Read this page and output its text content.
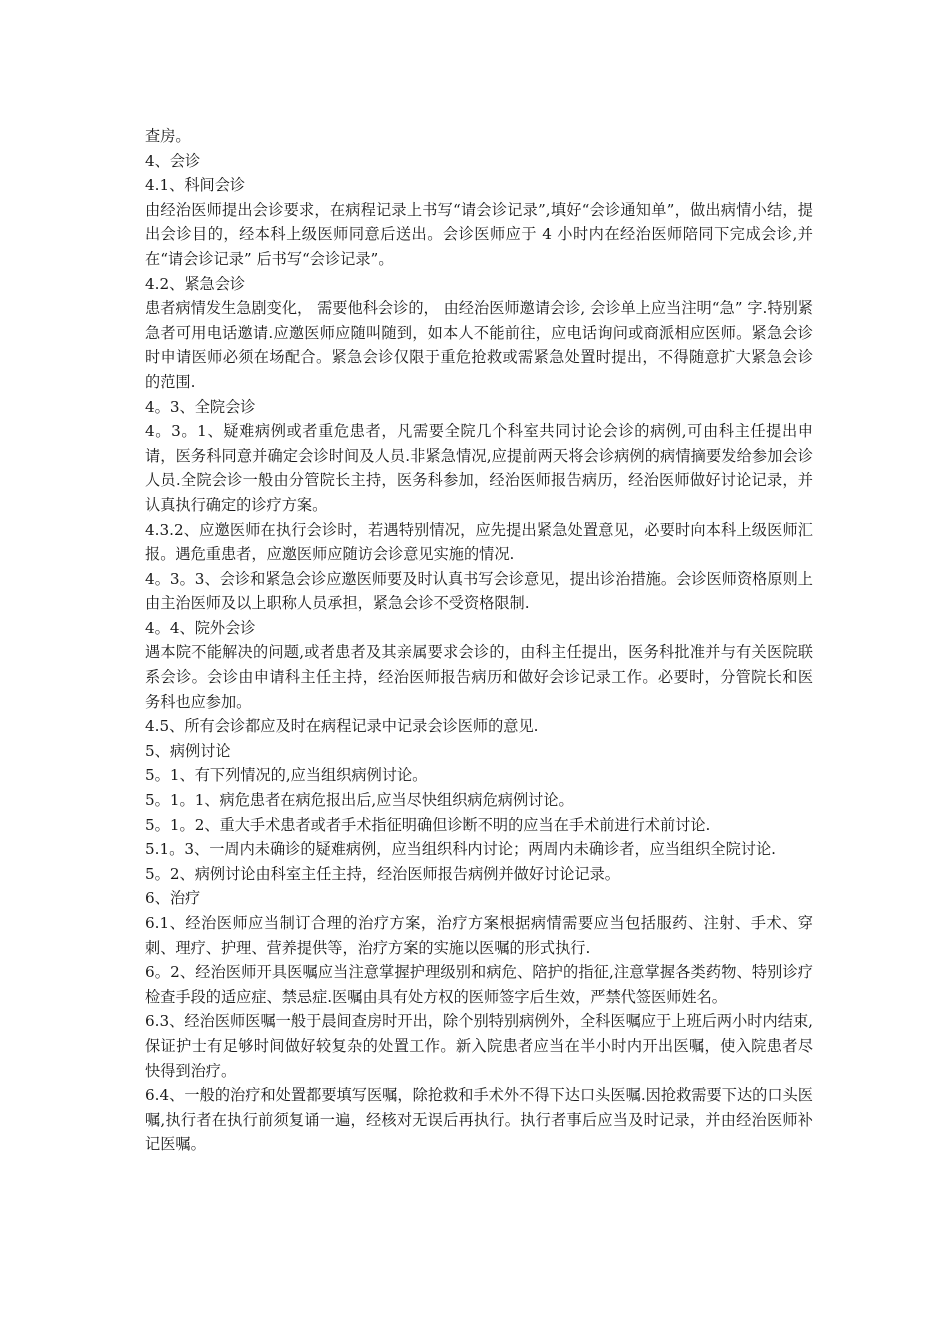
查房。

4、会诊

4.1、科间会诊

由经治医师提出会诊要求，在病程记录上书写“请会诊记录”,填好“会诊通知单”，做出病情小结，提出会诊目的，经本科上级医师同意后送出。会诊医师应于 4 小时内在经治医师陪同下完成会诊,并在“请会诊记录” 后书写“会诊记录”。

4.2、紧急会诊

患者病情发生急剧变化， 需要他科会诊的， 由经治医师邀请会诊, 会诊单上应当注明“急” 字.特别紧急者可用电话邀请.应邀医师应随叫随到，如本人不能前往，应电话询问或商派相应医师。紧急会诊时申请医师必须在场配合。紧急会诊仅限于重危抢救或需紧急处置时提出，不得随意扩大紧急会诊的范围.

4。3、全院会诊

4。3。1、疑难病例或者重危患者，凡需要全院几个科室共同讨论会诊的病例,可由科主任提出申请，医务科同意并确定会诊时间及人员.非紧急情况,应提前两天将会诊病例的病情摘要发给参加会诊人员.全院会诊一般由分管院长主持，医务科参加，经治医师报告病历，经治医师做好讨论记录，并认真执行确定的诊疗方案。

4.3.2、应邀医师在执行会诊时，若遇特别情况，应先提出紧急处置意见，必要时向本科上级医师汇报。遇危重患者，应邀医师应随访会诊意见实施的情况.

4。3。3、会诊和紧急会诊应邀医师要及时认真书写会诊意见，提出诊治措施。会诊医师资格原则上由主治医师及以上职称人员承担，紧急会诊不受资格限制.

4。4、院外会诊

遇本院不能解决的问题,或者患者及其亲属要求会诊的，由科主任提出，医务科批准并与有关医院联系会诊。会诊由申请科主任主持，经治医师报告病历和做好会诊记录工作。必要时，分管院长和医务科也应参加。

4.5、所有会诊都应及时在病程记录中记录会诊医师的意见.

5、病例讨论

5。1、有下列情况的,应当组织病例讨论。

5。1。1、病危患者在病危报出后,应当尽快组织病危病例讨论。

5。1。2、重大手术患者或者手术指征明确但诊断不明的应当在手术前进行术前讨论.

5.1。3、一周内未确诊的疑难病例，应当组织科内讨论；两周内未确诊者，应当组织全院讨论.

5。2、病例讨论由科室主任主持，经治医师报告病例并做好讨论记录。

6、治疗

6.1、经治医师应当制订合理的治疗方案，治疗方案根据病情需要应当包括服药、注射、手术、穿刺、理疗、护理、营养提供等，治疗方案的实施以医嘱的形式执行.

6。2、经治医师开具医嘱应当注意掌握护理级别和病危、陪护的指征,注意掌握各类药物、特别诊疗检查手段的适应症、禁忌症.医嘱由具有处方权的医师签字后生效，严禁代签医师姓名。

6.3、经治医师医嘱一般于晨间查房时开出，除个别特别病例外，全科医嘱应于上班后两小时内结束,保证护士有足够时间做好较复杂的处置工作。新入院患者应当在半小时内开出医嘱，使入院患者尽快得到治疗。

6.4、一般的治疗和处置都要填写医嘱，除抢救和手术外不得下达口头医嘱.因抢救需要下达的口头医嘱,执行者在执行前须复诵一遍，经核对无误后再执行。执行者事后应当及时记录，并由经治医师补记医嘱。
